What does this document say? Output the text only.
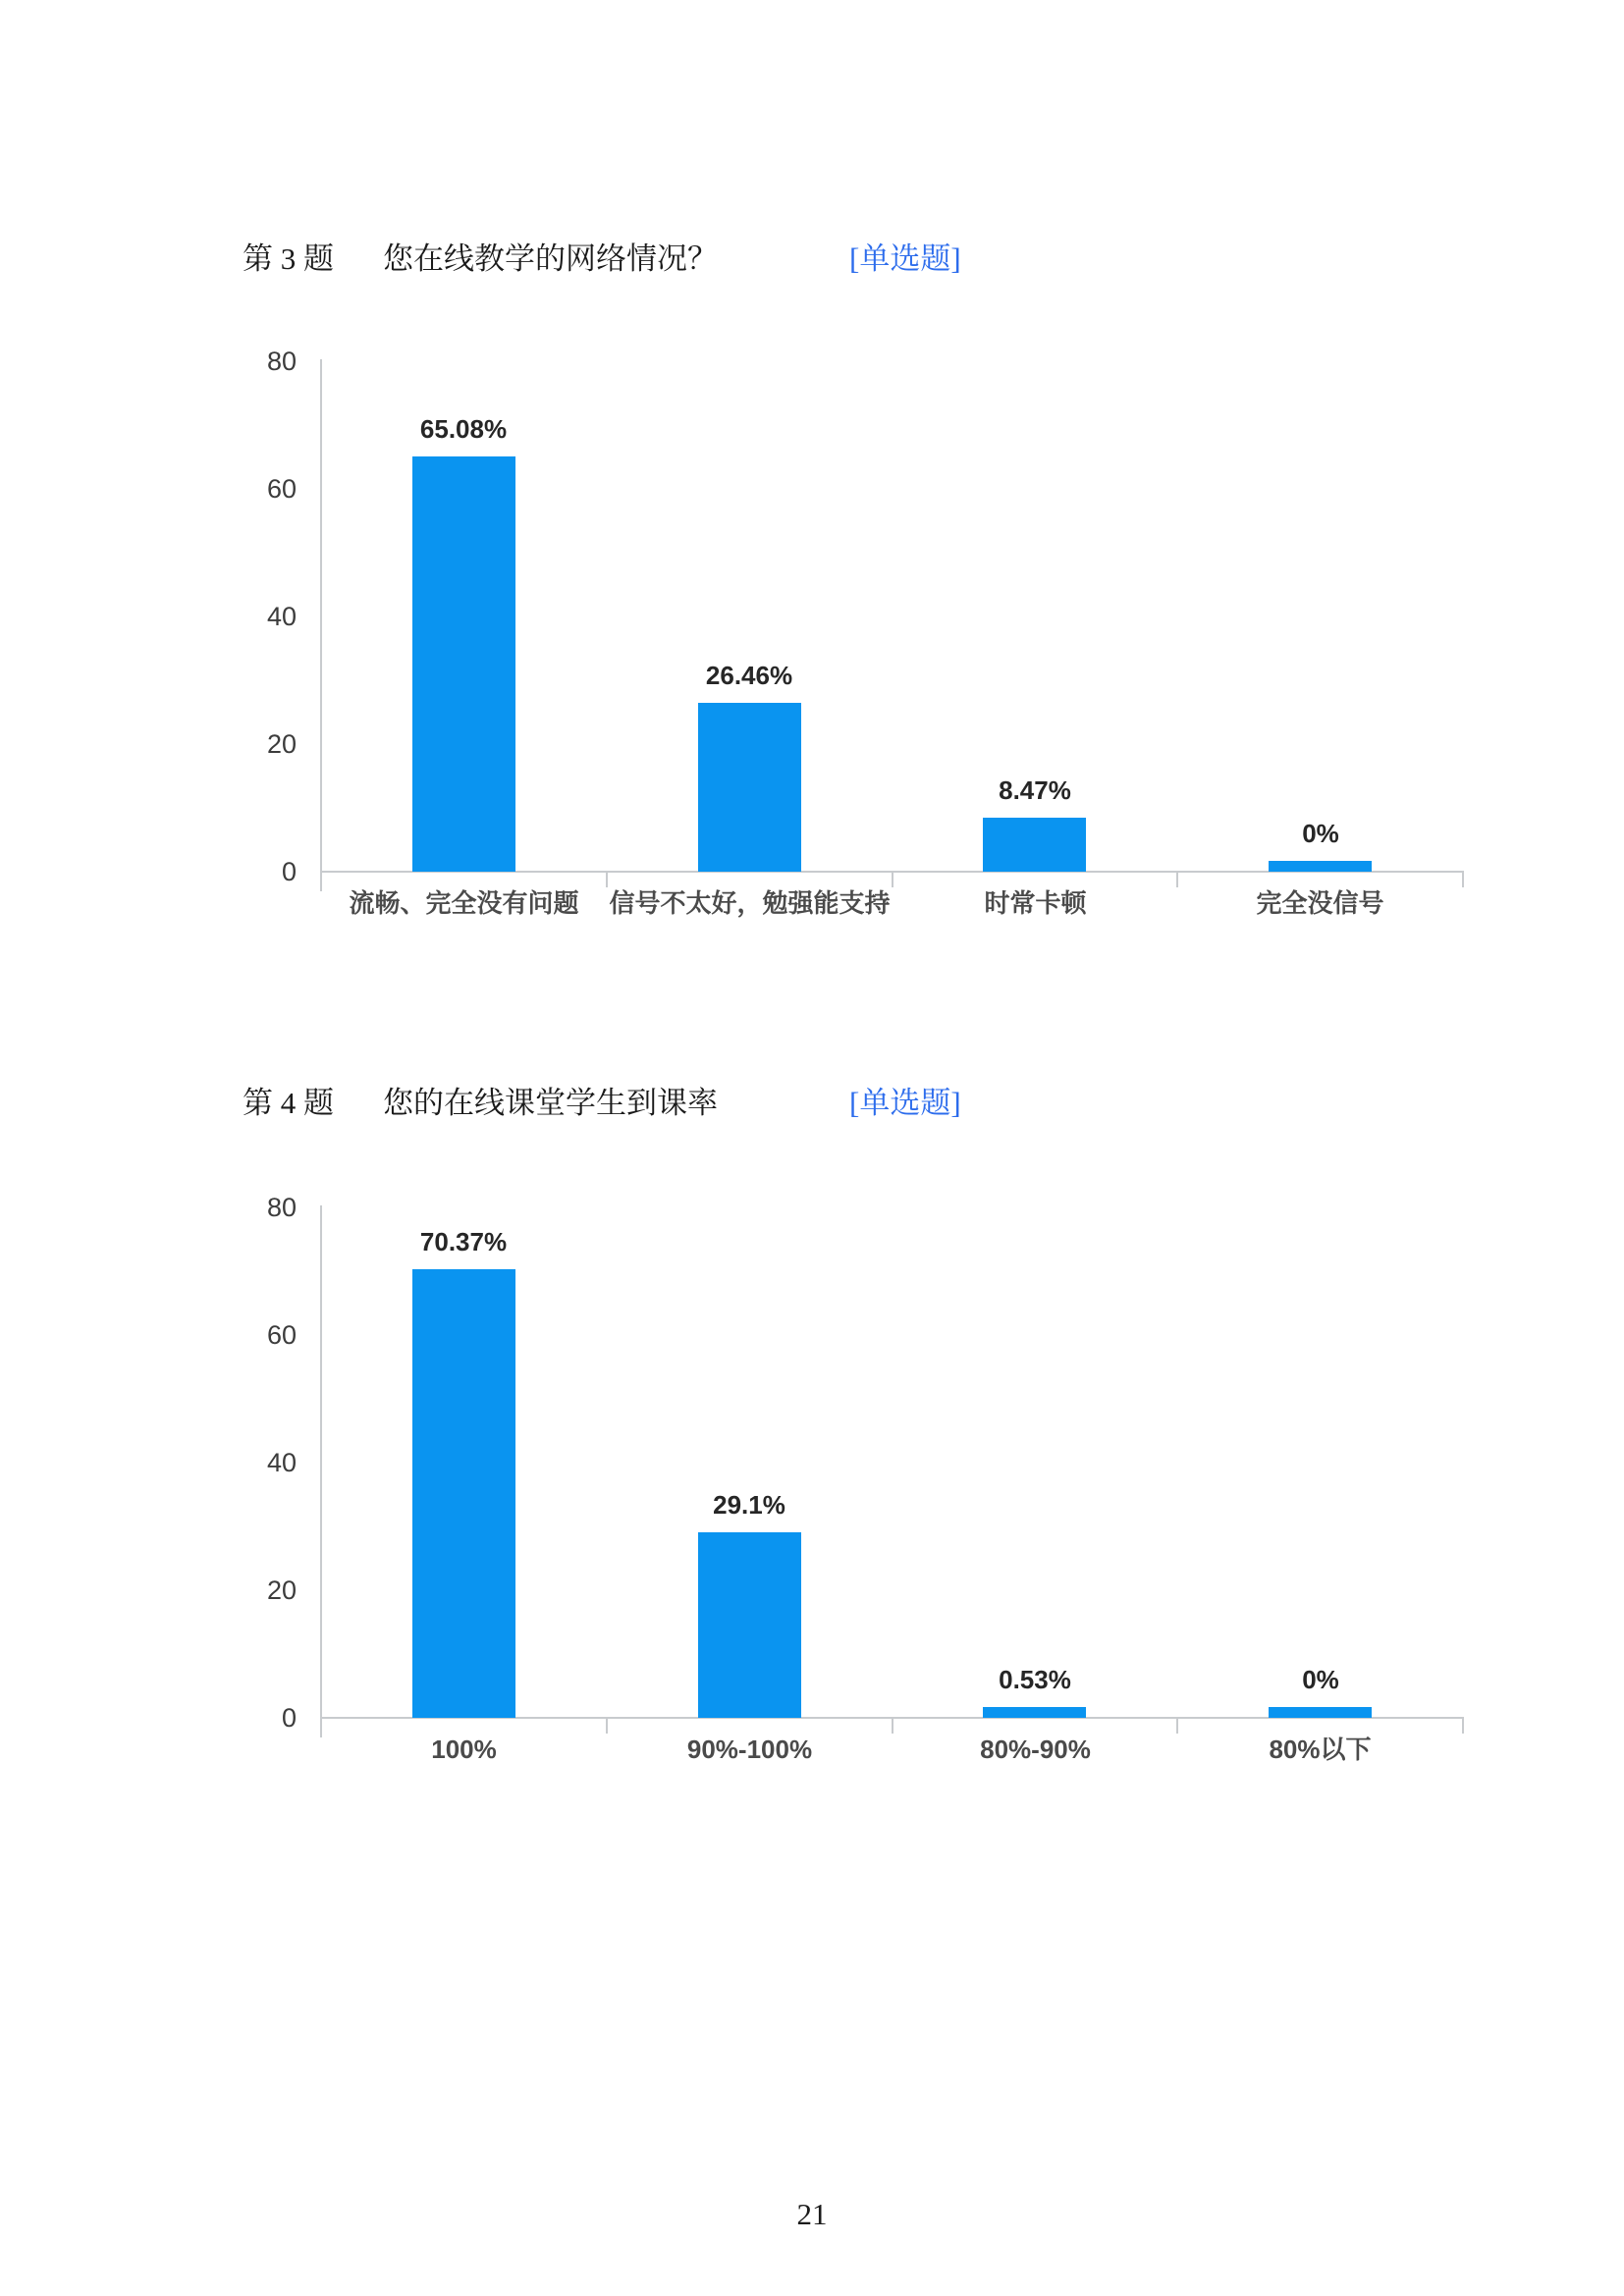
第 3 题 您在线教学的网络情况？	[单选题]
0
20
40
60
80
65.08%
流畅、完全没有问题
26.46%
信号不太好，勉强能支持
8.47%
时常卡顿
0%
完全没信号
第 4 题 您的在线课堂学生到课率	[单选题]
0
20
40
60
80
70.37%
100%
29.1%
90%-100%
0.53%
80%-90%
0%
80%以下
21
